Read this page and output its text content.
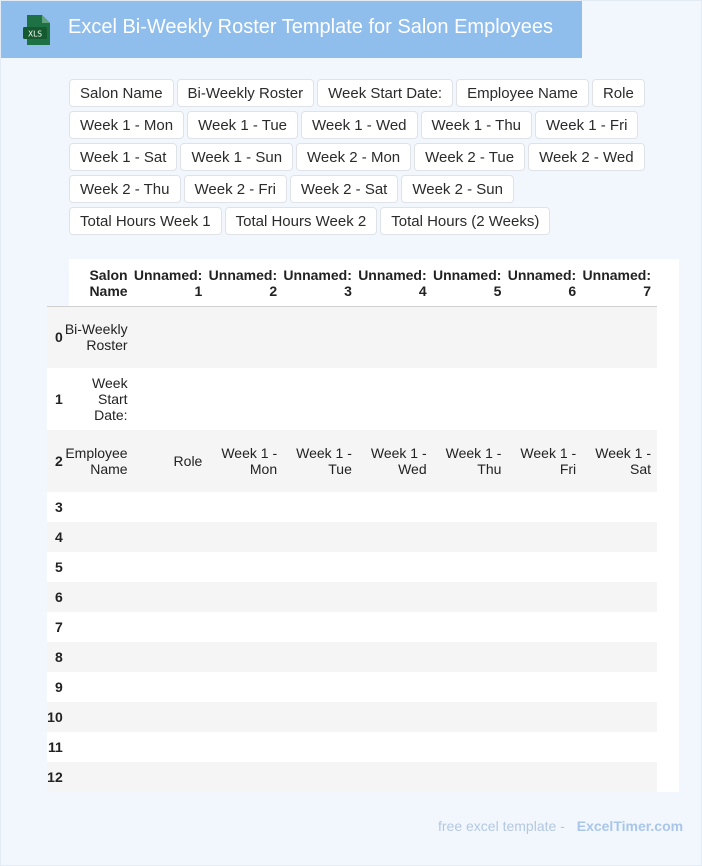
XLS Excel Bi-Weekly Roster Template for Salon Employees
Salon Name	Bi-Weekly Roster	Week Start Date:	Employee Name	Role
Week 1 - Mon	Week 1 - Tue	Week 1 - Wed	Week 1 - Thu	Week 1 - Fri
Week 1 - Sat	Week 1 - Sun	Week 2 - Mon	Week 2 - Tue	Week 2 - Wed
Week 2 - Thu	Week 2 - Fri	Week 2 - Sat	Week 2 - Sun
Total Hours Week 1	Total Hours Week 2	Total Hours (2 Weeks)
	Salon Name	Unnamed: 1	Unnamed: 2	Unnamed: 3	Unnamed: 4	Unnamed: 5	Unnamed: 6	Unnamed: 7
0	Bi-Weekly Roster							
1	Week Start Date:							
2	Employee Name	Role	Week 1 - Mon	Week 1 - Tue	Week 1 - Wed	Week 1 - Thu	Week 1 - Fri	Week 1 - Sat
3								
4								
5								
6								
7								
8								
9								
10								
11								
12								
free excel template - ExcelTimer.com
